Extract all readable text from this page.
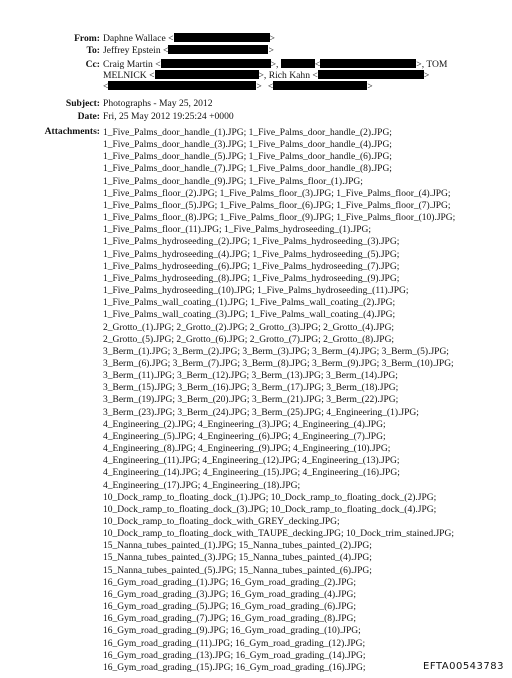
From: Daphne Wallace <	>
To: Jeffrey Epstein <	>
Cc: Craig Martin <	>,	<	>, TOM
MELNICK <	>, Rich Kahn <	>
<	> <	>
Subject: Photographs - May 25, 2012
Date: Fri, 25 May 2012 19:25:24 +0000
Attachments: 1_Five_Palms_door_handle_(1).JPG; 1_Five_Palms_door_handle_(2).JPG;
1_Five_Palms_door_handle_(3).JPG; 1_Five_Palms_door_handle_(4).JPG;
1_Five_Palms_door_handle_(5).JPG; 1_Five_Palms_door_handle_(6).JPG;
1_Five_Palms_door_handle_(7).JPG; 1_Five_Palms_door_handle_(8).JPG;
1_Five_Palms_door_handle_(9).JPG; 1_Five_Palms_floor_(1).JPG;
1_Five_Palms_floor_(2).JPG; 1_Five_Palms_floor_(3).JPG; 1_Five_Palms_floor_(4).JPG;
1_Five_Palms_floor_(5).JPG; 1_Five_Palms_floor_(6).JPG; 1_Five_Palms_floor_(7).JPG;
1_Five_Palms_floor_(8).JPG; 1_Five_Palms_floor_(9).JPG; 1_Five_Palms_floor_(10).JPG;
1_Five_Palms_floor_(11).JPG; 1_Five_Palms_hydroseeding_(1).JPG;
1_Five_Palms_hydroseeding_(2).JPG; 1_Five_Palms_hydroseeding_(3).JPG;
1_Five_Palms_hydroseeding_(4).JPG; 1_Five_Palms_hydroseeding_(5).JPG;
1_Five_Palms_hydroseeding_(6).JPG; 1_Five_Palms_hydroseeding_(7).JPG;
1_Five_Palms_hydroseeding_(8).JPG; 1_Five_Palms_hydroseeding_(9).JPG;
1_Five_Palms_hydroseeding_(10).JPG; 1_Five_Palms_hydroseeding_(11).JPG;
1_Five_Palms_wall_coating_(1).JPG; 1_Five_Palms_wall_coating_(2).JPG;
1_Five_Palms_wall_coating_(3).JPG; 1_Five_Palms_wall_coating_(4).JPG;
2_Grotto_(1).JPG; 2_Grotto_(2).JPG; 2_Grotto_(3).JPG; 2_Grotto_(4).JPG;
2_Grotto_(5).JPG; 2_Grotto_(6).JPG; 2_Grotto_(7).JPG; 2_Grotto_(8).JPG;
3_Berm_(1).JPG; 3_Berm_(2).JPG; 3_Berm_(3).JPG; 3_Berm_(4).JPG; 3_Berm_(5).JPG;
3_Berm_(6).JPG; 3_Berm_(7).JPG; 3_Berm_(8).JPG; 3_Berm_(9).JPG; 3_Berm_(10).JPG;
3_Berm_(11).JPG; 3_Berm_(12).JPG; 3_Berm_(13).JPG; 3_Berm_(14).JPG;
3_Berm_(15).JPG; 3_Berm_(16).JPG; 3_Berm_(17).JPG; 3_Berm_(18).JPG;
3_Berm_(19).JPG; 3_Berm_(20).JPG; 3_Berm_(21).JPG; 3_Berm_(22).JPG;
3_Berm_(23).JPG; 3_Berm_(24).JPG; 3_Berm_(25).JPG; 4_Engineering_(1).JPG;
4_Engineering_(2).JPG; 4_Engineering_(3).JPG; 4_Engineering_(4).JPG;
4_Engineering_(5).JPG; 4_Engineering_(6).JPG; 4_Engineering_(7).JPG;
4_Engineering_(8).JPG; 4_Engineering_(9).JPG; 4_Engineering_(10).JPG;
4_Engineering_(11).JPG; 4_Engineering_(12).JPG; 4_Engineering_(13).JPG;
4_Engineering_(14).JPG; 4_Engineering_(15).JPG; 4_Engineering_(16).JPG;
4_Engineering_(17).JPG; 4_Engineering_(18).JPG;
10_Dock_ramp_to_floating_dock_(1).JPG; 10_Dock_ramp_to_floating_dock_(2).JPG;
10_Dock_ramp_to_floating_dock_(3).JPG; 10_Dock_ramp_to_floating_dock_(4).JPG;
10_Dock_ramp_to_floating_dock_with_GREY_decking.JPG;
10_Dock_ramp_to_floating_dock_with_TAUPE_decking.JPG; 10_Dock_trim_stained.JPG;
15_Nanna_tubes_painted_(1).JPG; 15_Nanna_tubes_painted_(2).JPG;
15_Nanna_tubes_painted_(3).JPG; 15_Nanna_tubes_painted_(4).JPG;
15_Nanna_tubes_painted_(5).JPG; 15_Nanna_tubes_painted_(6).JPG;
16_Gym_road_grading_(1).JPG; 16_Gym_road_grading_(2).JPG;
16_Gym_road_grading_(3).JPG; 16_Gym_road_grading_(4).JPG;
16_Gym_road_grading_(5).JPG; 16_Gym_road_grading_(6).JPG;
16_Gym_road_grading_(7).JPG; 16_Gym_road_grading_(8).JPG;
16_Gym_road_grading_(9).JPG; 16_Gym_road_grading_(10).JPG;
16_Gym_road_grading_(11).JPG; 16_Gym_road_grading_(12).JPG;
16_Gym_road_grading_(13).JPG; 16_Gym_road_grading_(14).JPG;
16_Gym_road_grading_(15).JPG; 16_Gym_road_grading_(16).JPG;	EFTA00543783
